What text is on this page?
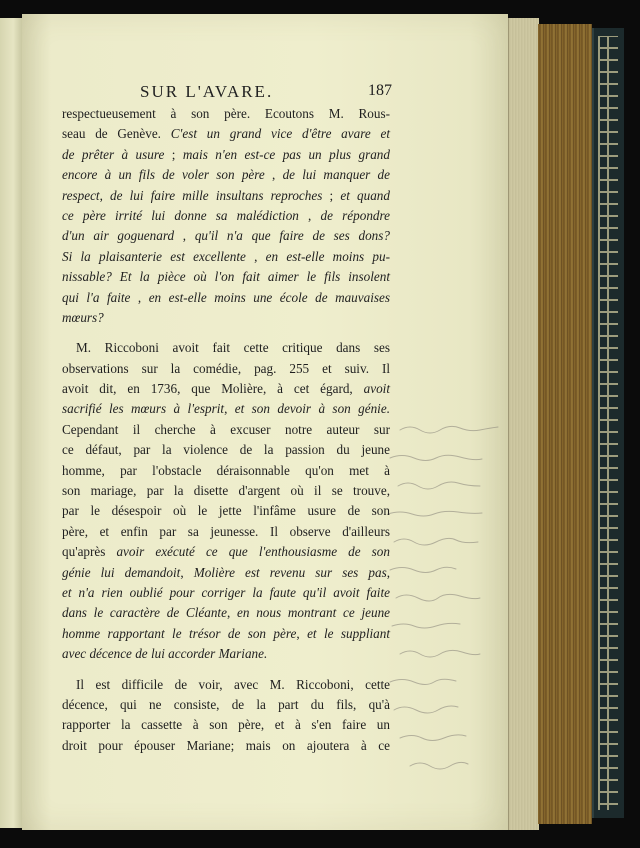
SUR L'AVARE.	187
respectueusement à son père. Ecoutons M. Rous-
seau de Genève. C'est un grand vice d'être avare et
de prêter à usure ; mais n'en est-ce pas un plus grand
encore à un fils de voler son père , de lui manquer de
respect, de lui faire mille insultans reproches ; et quand
ce père irrité lui donne sa malédiction , de répondre
d'un air goguenard , qu'il n'a que faire de ses dons?
Si la plaisanterie est excellente , en est-elle moins pu-
nissable? Et la pièce où l'on fait aimer le fils insolent
qui l'a faite , en est-elle moins une école de mauvaises
mœurs?
M. Riccoboni avoit fait cette critique dans ses
observations sur la comédie, pag. 255 et suiv. Il
avoit dit, en 1736, que Molière, à cet égard, avoit
sacrifié les mœurs à l'esprit, et son devoir à son génie.
Cependant il cherche à excuser notre auteur sur
ce défaut, par la violence de la passion du jeune
homme, par l'obstacle déraisonnable qu'on met à
son mariage, par la disette d'argent où il se trouve,
par le désespoir où le jette l'infâme usure de son
père, et enfin par sa jeunesse. Il observe d'ailleurs
qu'après avoir exécuté ce que l'enthousiasme de son
génie lui demandoit, Molière est revenu sur ses pas,
et n'a rien oublié pour corriger la faute qu'il avoit faite
dans le caractère de Cléante, en nous montrant ce jeune
homme rapportant le trésor de son père, et le suppliant
avec décence de lui accorder Mariane.
Il est difficile de voir, avec M. Riccoboni, cette
décence, qui ne consiste, de la part du fils, qu'à
rapporter la cassette à son père, et à s'en faire un
droit pour épouser Mariane; mais on ajoutera à ce
